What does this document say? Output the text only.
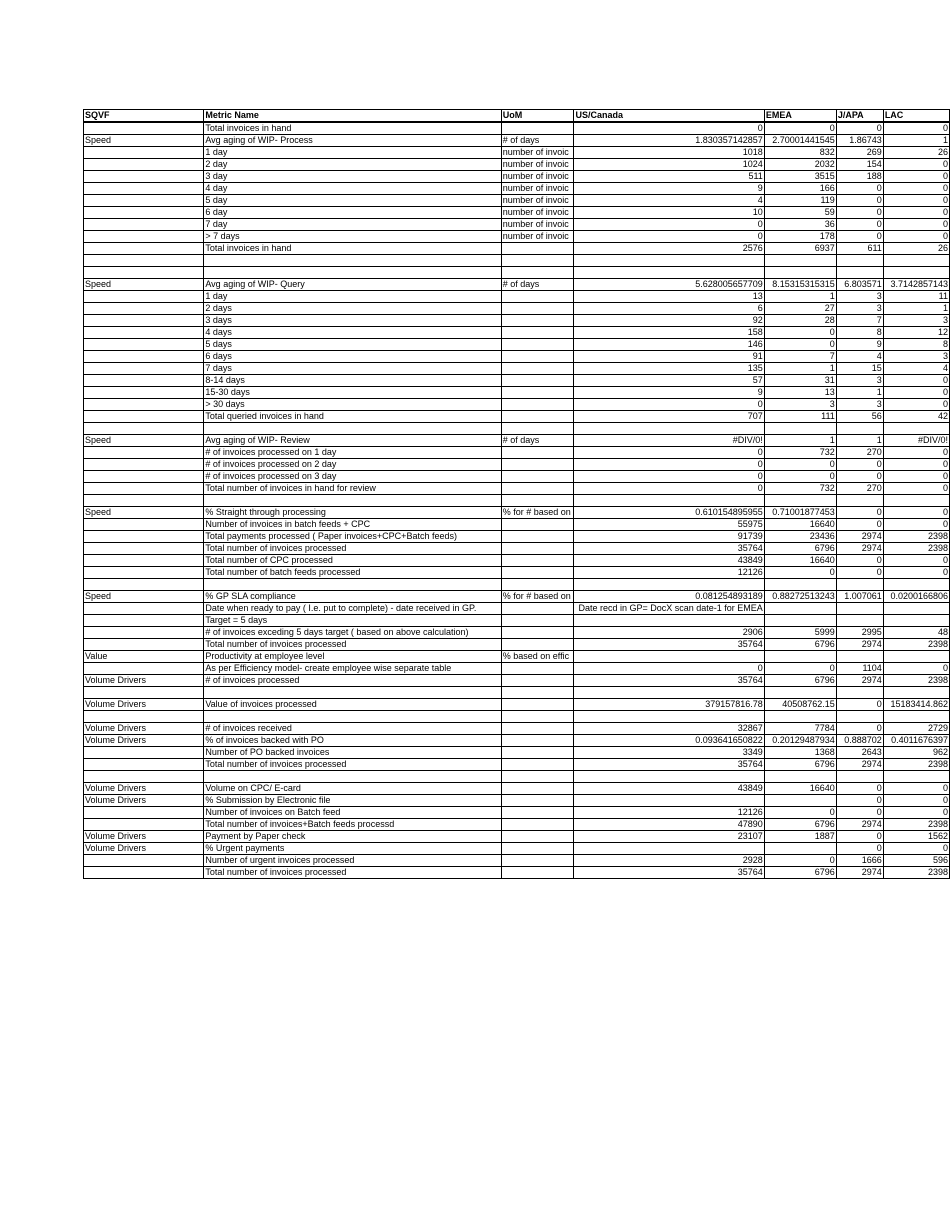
SQVF	Metric Name	UoM	US/Canada	EMEA	J/APA	LAC
	Total invoices in hand		0	0	0	0
Speed	Avg aging of WIP- Process	# of days	1.830357142857	2.70001441545	1.86743	1
	1 day	number of invoic	1018	832	269	26
	2 day	number of invoic	1024	2032	154	0
	3 day	number of invoic	511	3515	188	0
	4 day	number of invoic	9	166	0	0
	5 day	number of invoic	4	119	0	0
	6 day	number of invoic	10	59	0	0
	7 day	number of invoic	0	36	0	0
	> 7 days	number of invoic	0	178	0	0
	Total invoices in hand		2576	6937	611	26

Speed	Avg aging of WIP- Query	# of days	5.628005657709	8.15315315315	6.803571	3.7142857143
	1 day		13	1	3	11
	2 days		6	27	3	1
	3 days		92	28	7	3
	4 days		158	0	8	12
	5 days		146	0	9	8
	6 days		91	7	4	3
	7 days		135	1	15	4
	8-14 days		57	31	3	0
	15-30 days		9	13	1	0
	> 30 days		0	3	3	0
	Total queried invoices in hand		707	111	56	42

Speed	Avg aging of WIP- Review	# of days	#DIV/0!	1	1	#DIV/0!
	# of invoices processed on 1 day		0	732	270	0
	# of invoices processed on 2 day		0	0	0	0
	# of invoices processed on 3 day		0	0	0	0
	Total number of invoices in hand for review		0	732	270	0

Speed	% Straight through processing	% for # based on	0.610154895955	0.71001877453	0	0
	Number of invoices in batch feeds + CPC		55975	16640	0	0
	Total payments processed ( Paper invoices+CPC+Batch feeds)		91739	23436	2974	2398
	Total number of invoices processed		35764	6796	2974	2398
	Total number of CPC processed		43849	16640	0	0
	Total number of batch feeds processed		12126	0	0	0

Speed	% GP SLA compliance	% for # based on	0.081254893189	0.88272513243	1.007061	0.0200166806
	Date when ready to pay ( I.e. put to complete) - date received in GP.		Date recd in GP= DocX scan date-1 for EMEA			
	Target = 5 days					
	# of invoices exceding 5 days target ( based on above calculation)		2906	5999	2995	48
	Total number of invoices processed		35764	6796	2974	2398
Value	Productivity at employee level	% based on effic				
	As per Efficiency model- create employee wise separate table		0	0	1104	0
Volume Drivers	# of invoices processed		35764	6796	2974	2398

Volume Drivers	Value of invoices processed		379157816.78	40508762.15	0	15183414.862

Volume Drivers	# of invoices received		32867	7784	0	2729
Volume Drivers	% of invoices backed with PO		0.093641650822	0.20129487934	0.888702	0.4011676397
	Number of PO backed invoices		3349	1368	2643	962
	Total number of invoices processed		35764	6796	2974	2398

Volume Drivers	Volume on CPC/ E-card		43849	16640	0	0
Volume Drivers	% Submission by Electronic file				0	0
	Number of invoices on Batch feed		12126	0	0	0
	Total number of invoices+Batch feeds processd		47890	6796	2974	2398
Volume Drivers	Payment by Paper check		23107	1887	0	1562
Volume Drivers	% Urgent payments				0	0
	Number of urgent invoices processed		2928	0	1666	596
	Total number of invoices processed		35764	6796	2974	2398
